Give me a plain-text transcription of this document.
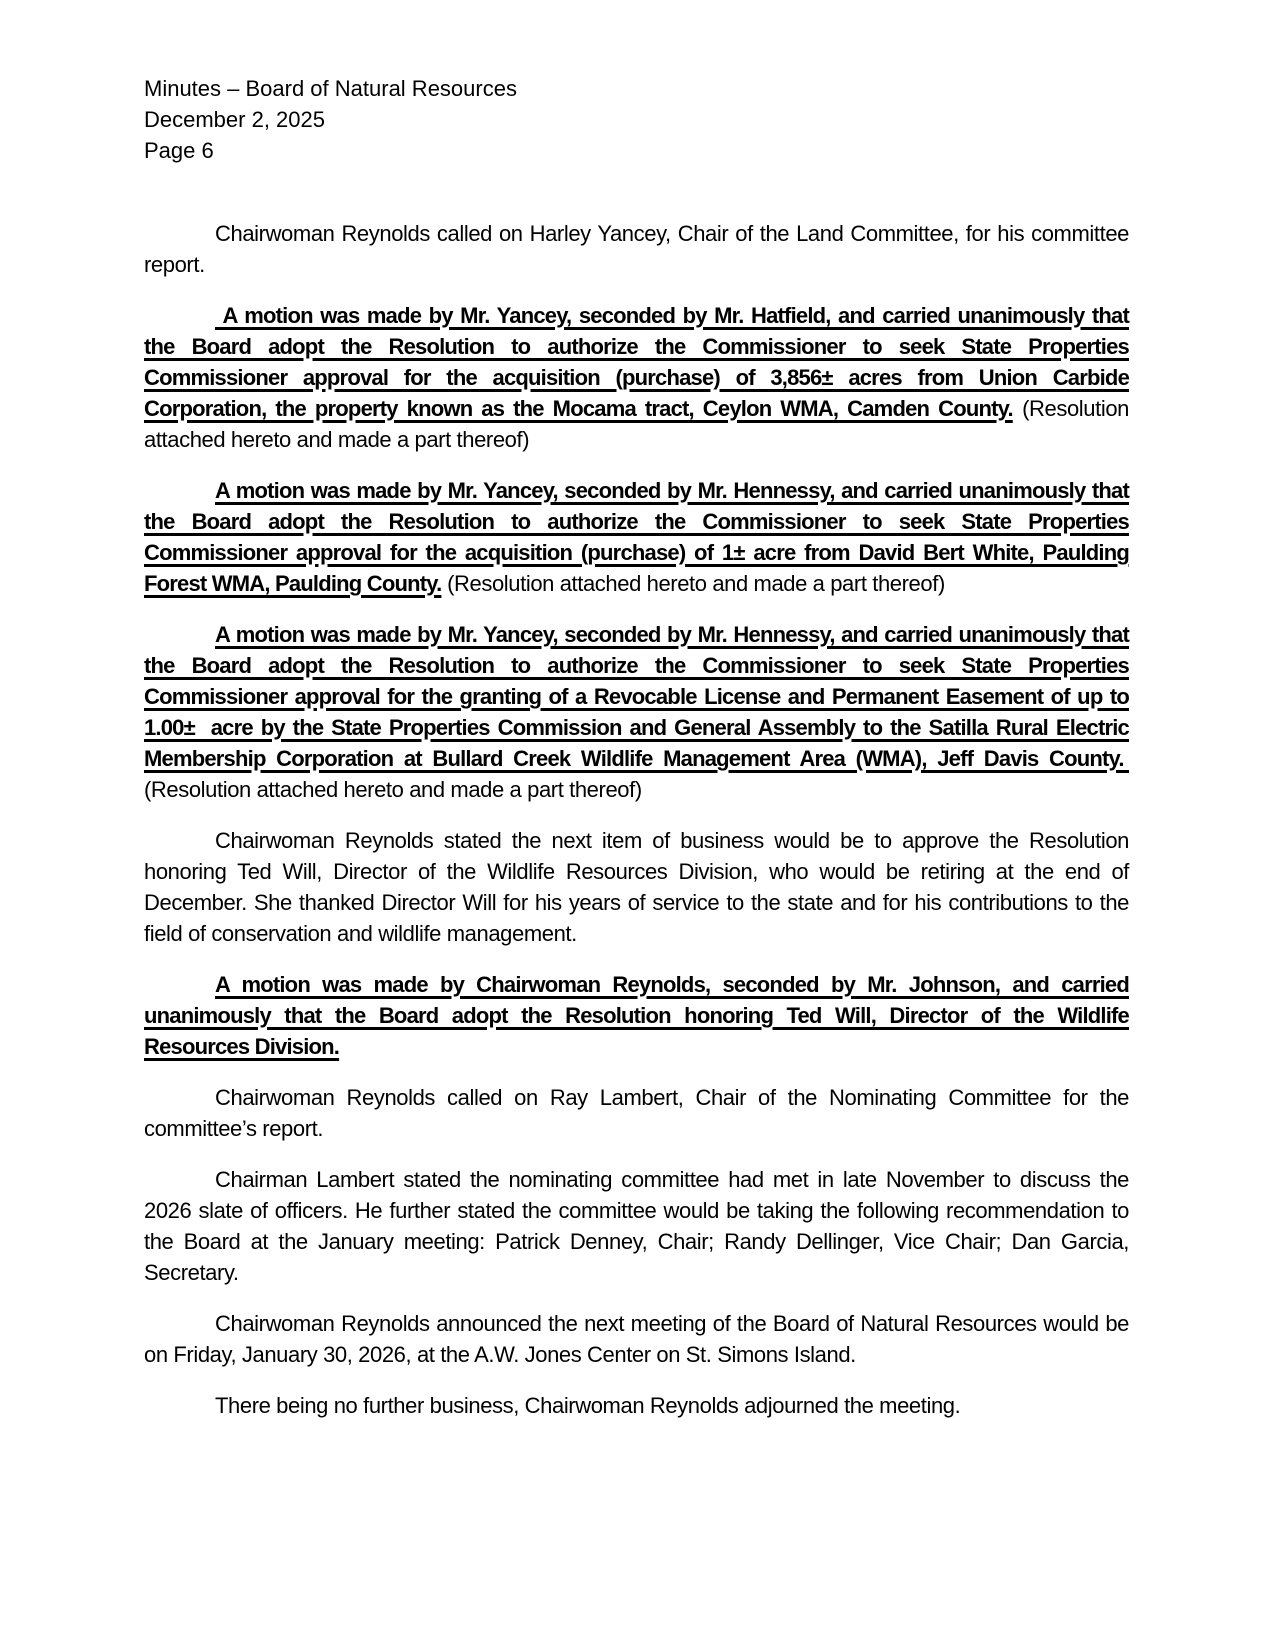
Minutes – Board of Natural Resources
December 2, 2025
Page 6

Chairwoman Reynolds called on Harley Yancey, Chair of the Land Committee, for his committee report.

A motion was made by Mr. Yancey, seconded by Mr. Hatfield, and carried unanimously that the Board adopt the Resolution to authorize the Commissioner to seek State Properties Commissioner approval for the acquisition (purchase) of 3,856± acres from Union Carbide Corporation, the property known as the Mocama tract, Ceylon WMA, Camden County. (Resolution attached hereto and made a part thereof)

A motion was made by Mr. Yancey, seconded by Mr. Hennessy, and carried unanimously that the Board adopt the Resolution to authorize the Commissioner to seek State Properties Commissioner approval for the acquisition (purchase) of 1± acre from David Bert White, Paulding Forest WMA, Paulding County. (Resolution attached hereto and made a part thereof)

A motion was made by Mr. Yancey, seconded by Mr. Hennessy, and carried unanimously that the Board adopt the Resolution to authorize the Commissioner to seek State Properties Commissioner approval for the granting of a Revocable License and Permanent Easement of up to 1.00±  acre by the State Properties Commission and General Assembly to the Satilla Rural Electric Membership Corporation at Bullard Creek Wildlife Management Area (WMA), Jeff Davis County.  (Resolution attached hereto and made a part thereof)

Chairwoman Reynolds stated the next item of business would be to approve the Resolution honoring Ted Will, Director of the Wildlife Resources Division, who would be retiring at the end of December. She thanked Director Will for his years of service to the state and for his contributions to the field of conservation and wildlife management.

A motion was made by Chairwoman Reynolds, seconded by Mr. Johnson, and carried unanimously that the Board adopt the Resolution honoring Ted Will, Director of the Wildlife Resources Division.

Chairwoman Reynolds called on Ray Lambert, Chair of the Nominating Committee for the committee’s report.

Chairman Lambert stated the nominating committee had met in late November to discuss the 2026 slate of officers. He further stated the committee would be taking the following recommendation to the Board at the January meeting: Patrick Denney, Chair; Randy Dellinger, Vice Chair; Dan Garcia, Secretary.

Chairwoman Reynolds announced the next meeting of the Board of Natural Resources would be on Friday, January 30, 2026, at the A.W. Jones Center on St. Simons Island.

There being no further business, Chairwoman Reynolds adjourned the meeting.
